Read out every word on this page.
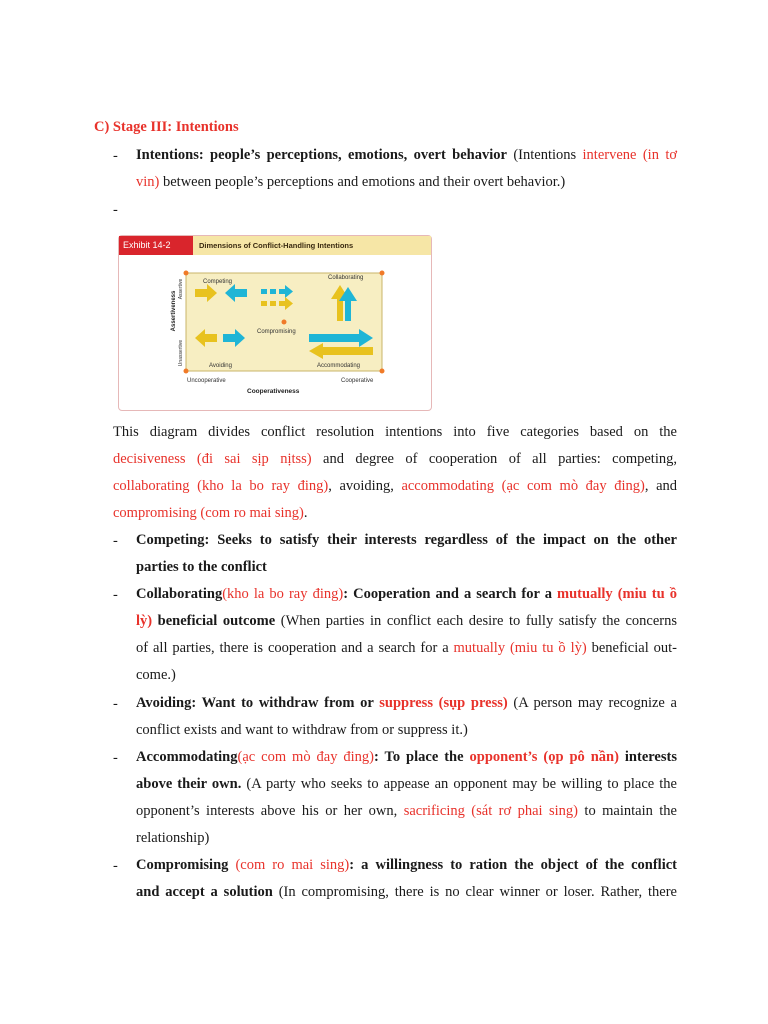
C) Stage III: Intentions
- Intentions: people’s perceptions, emotions, overt behavior (Intentions intervene (in tơ
vin) between people’s perceptions and emotions and their overt behavior.)
-
Exhibit 14-2	Dimensions of Conflict-Handling Intentions
Competing
Collaborating
Compromising
Avoiding	Accommodating
Uncooperative	Cooperative
Cooperativeness
Assertiveness
Assertive
Unassertive
This diagram divides conflict resolution intentions into five categories based on the
decisiveness (đi sai sịp nịtss) and degree of cooperation of all parties: competing,
collaborating (kho la bo ray đing), avoiding, accommodating (ạc com mò đay đing), and
compromising (com ro mai sing).
- Competing: Seeks to satisfy their interests regardless of the impact on the other
parties to the conflict
- Collaborating(kho la bo ray đing): Cooperation and a search for a mutually (miu tu ồ
lỳ) beneficial outcome (When parties in conflict each desire to fully satisfy the concerns
of all parties, there is cooperation and a search for a mutually (miu tu ồ lỳ) beneficial out-
come.)
- Avoiding: Want to withdraw from or suppress (sụp press) (A person may recognize a
conflict exists and want to withdraw from or suppress it.)
- Accommodating(ạc com mò đay đing): To place the opponent’s (ọp pô nần) interests
above their own. (A party who seeks to appease an opponent may be willing to place the
opponent’s interests above his or her own, sacrificing (sát rơ phai sing) to maintain the
relationship)
- Compromising (com ro mai sing): a willingness to ration the object of the conflict
and accept a solution (In compromising, there is no clear winner or loser. Rather, there
